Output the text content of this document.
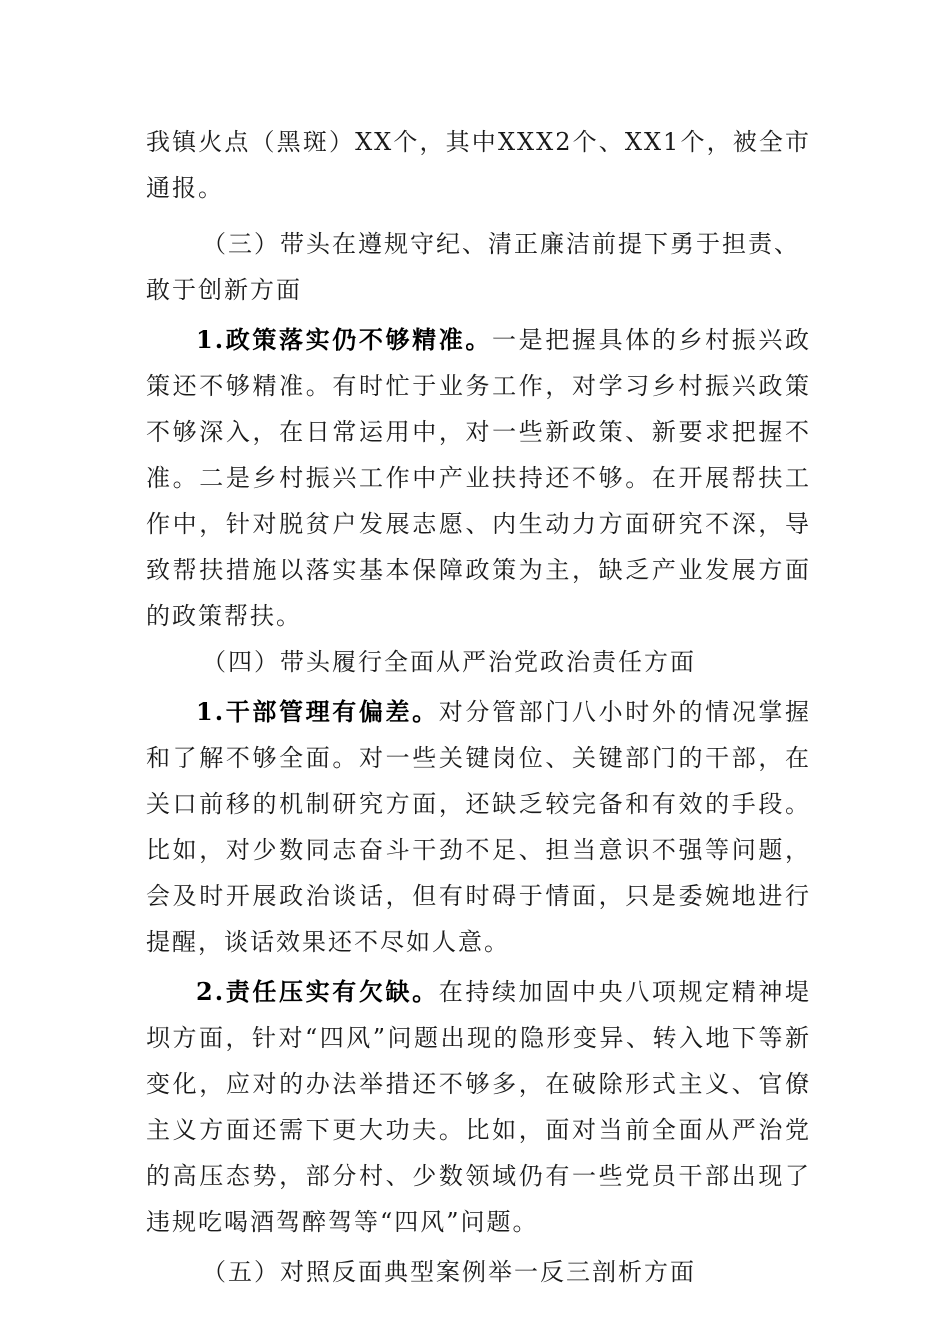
我镇火点（黑斑）XX个，其中XXX2个、XX1个，被全市通报。

（三）带头在遵规守纪、清正廉洁前提下勇于担责、敢于创新方面

1.政策落实仍不够精准。一是把握具体的乡村振兴政策还不够精准。有时忙于业务工作，对学习乡村振兴政策不够深入，在日常运用中，对一些新政策、新要求把握不准。二是乡村振兴工作中产业扶持还不够。在开展帮扶工作中，针对脱贫户发展志愿、内生动力方面研究不深，导致帮扶措施以落实基本保障政策为主，缺乏产业发展方面的政策帮扶。

（四）带头履行全面从严治党政治责任方面

1.干部管理有偏差。对分管部门八小时外的情况掌握和了解不够全面。对一些关键岗位、关键部门的干部，在关口前移的机制研究方面，还缺乏较完备和有效的手段。比如，对少数同志奋斗干劲不足、担当意识不强等问题，会及时开展政治谈话，但有时碍于情面，只是委婉地进行提醒，谈话效果还不尽如人意。

2.责任压实有欠缺。在持续加固中央八项规定精神堤坝方面，针对“四风”问题出现的隐形变异、转入地下等新变化，应对的办法举措还不够多，在破除形式主义、官僚主义方面还需下更大功夫。比如，面对当前全面从严治党的高压态势，部分村、少数领域仍有一些党员干部出现了违规吃喝酒驾醉驾等“四风”问题。

（五）对照反面典型案例举一反三剖析方面
